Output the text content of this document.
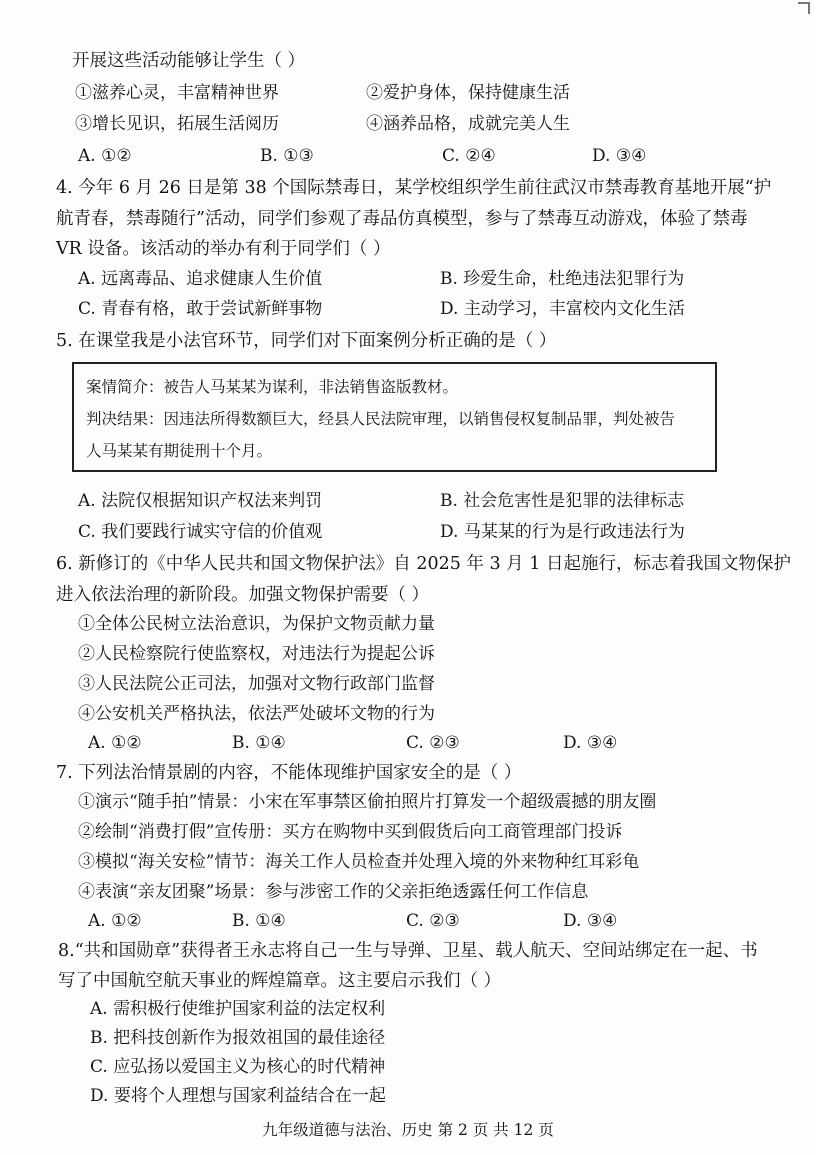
开展这些活动能够让学生（ ）
①滋养心灵，丰富精神世界	②爱护身体，保持健康生活
③增长见识，拓展生活阅历	④涵养品格，成就完美人生
A. ①②	B. ①③	C. ②④	D. ③④
4. 今年 6 月 26 日是第 38 个国际禁毒日，某学校组织学生前往武汉市禁毒教育基地开展“护
航青春，禁毒随行”活动，同学们参观了毒品仿真模型，参与了禁毒互动游戏，体验了禁毒
VR 设备。该活动的举办有利于同学们（ ）
A. 远离毒品、追求健康人生价值	B. 珍爱生命，杜绝违法犯罪行为
C. 青春有格，敢于尝试新鲜事物	D. 主动学习，丰富校内文化生活
5. 在课堂我是小法官环节，同学们对下面案例分析正确的是（ ）
案情简介：被告人马某某为谋利，非法销售盗版教材。
判决结果：因违法所得数额巨大，经县人民法院审理，以销售侵权复制品罪，判处被告
人马某某有期徒刑十个月。
A. 法院仅根据知识产权法来判罚	B. 社会危害性是犯罪的法律标志
C. 我们要践行诚实守信的价值观	D. 马某某的行为是行政违法行为
6. 新修订的《中华人民共和国文物保护法》自 2025 年 3 月 1 日起施行，标志着我国文物保护
进入依法治理的新阶段。加强文物保护需要（ ）
①全体公民树立法治意识，为保护文物贡献力量
②人民检察院行使监察权，对违法行为提起公诉
③人民法院公正司法，加强对文物行政部门监督
④公安机关严格执法，依法严处破坏文物的行为
A. ①②	B. ①④	C. ②③	D. ③④
7. 下列法治情景剧的内容，不能体现维护国家安全的是（ ）
①演示“随手拍”情景：小宋在军事禁区偷拍照片打算发一个超级震撼的朋友圈
②绘制“消费打假”宣传册：买方在购物中买到假货后向工商管理部门投诉
③模拟“海关安检”情节：海关工作人员检查并处理入境的外来物种红耳彩龟
④表演“亲友团聚”场景：参与涉密工作的父亲拒绝透露任何工作信息
A. ①②	B. ①④	C. ②③	D. ③④
8.“共和国勋章”获得者王永志将自己一生与导弹、卫星、载人航天、空间站绑定在一起、书
写了中国航空航天事业的辉煌篇章。这主要启示我们（ ）
A. 需积极行使维护国家利益的法定权利
B. 把科技创新作为报效祖国的最佳途径
C. 应弘扬以爱国主义为核心的时代精神
D. 要将个人理想与国家利益结合在一起
九年级道德与法治、历史 第 2 页 共 12 页
